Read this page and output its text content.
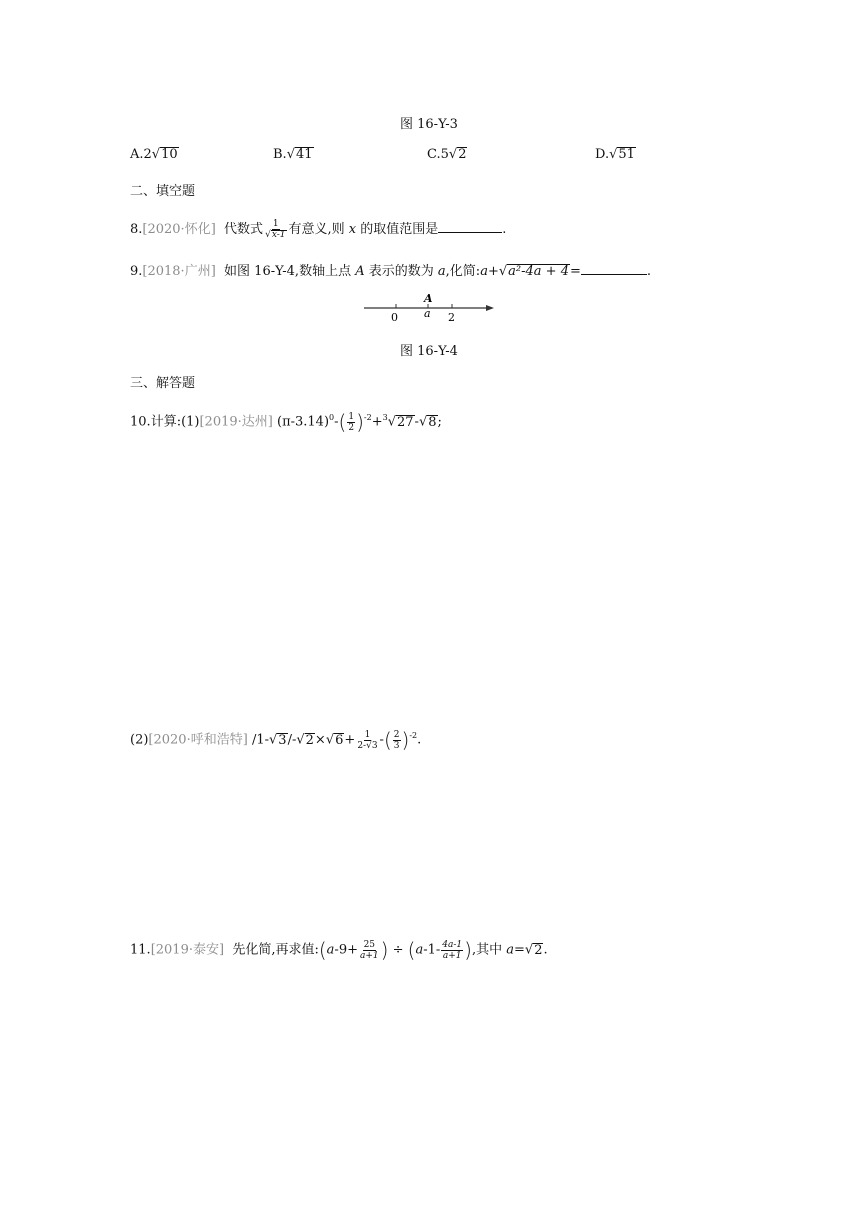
图 16-Y-3
A.2√10	B.√41	C.5√2	D.√51
二、填空题
8.[2020·怀化] 代数式 $\frac{1}{√x-1}$ 有意义,则 x 的取值范围是	.
9.[2018·广州] 如图 16-Y-4,数轴上点 A 表示的数为 a,化简:a+√a²-4a + 4=	.
A
0 a 2
图 16-Y-4
三、解答题
10.计算:(1)[2019·达州] $(\pi-3.14)^0-( \frac{1}{2} )^{-2}+^3√27-√8$;
(2)[2020·呼和浩特] $/1-√3/-√2\times√6+ \frac{1}{2-√3}$ -( $\frac{2}{3} )^{-2}$.
11.[2019·泰安] 先化简,再求值:(a-9+ $\frac{25}{a+1}$ ) ÷ ($a-1- \frac{4a-1}{a+1}$ ),其中 a=√2.
